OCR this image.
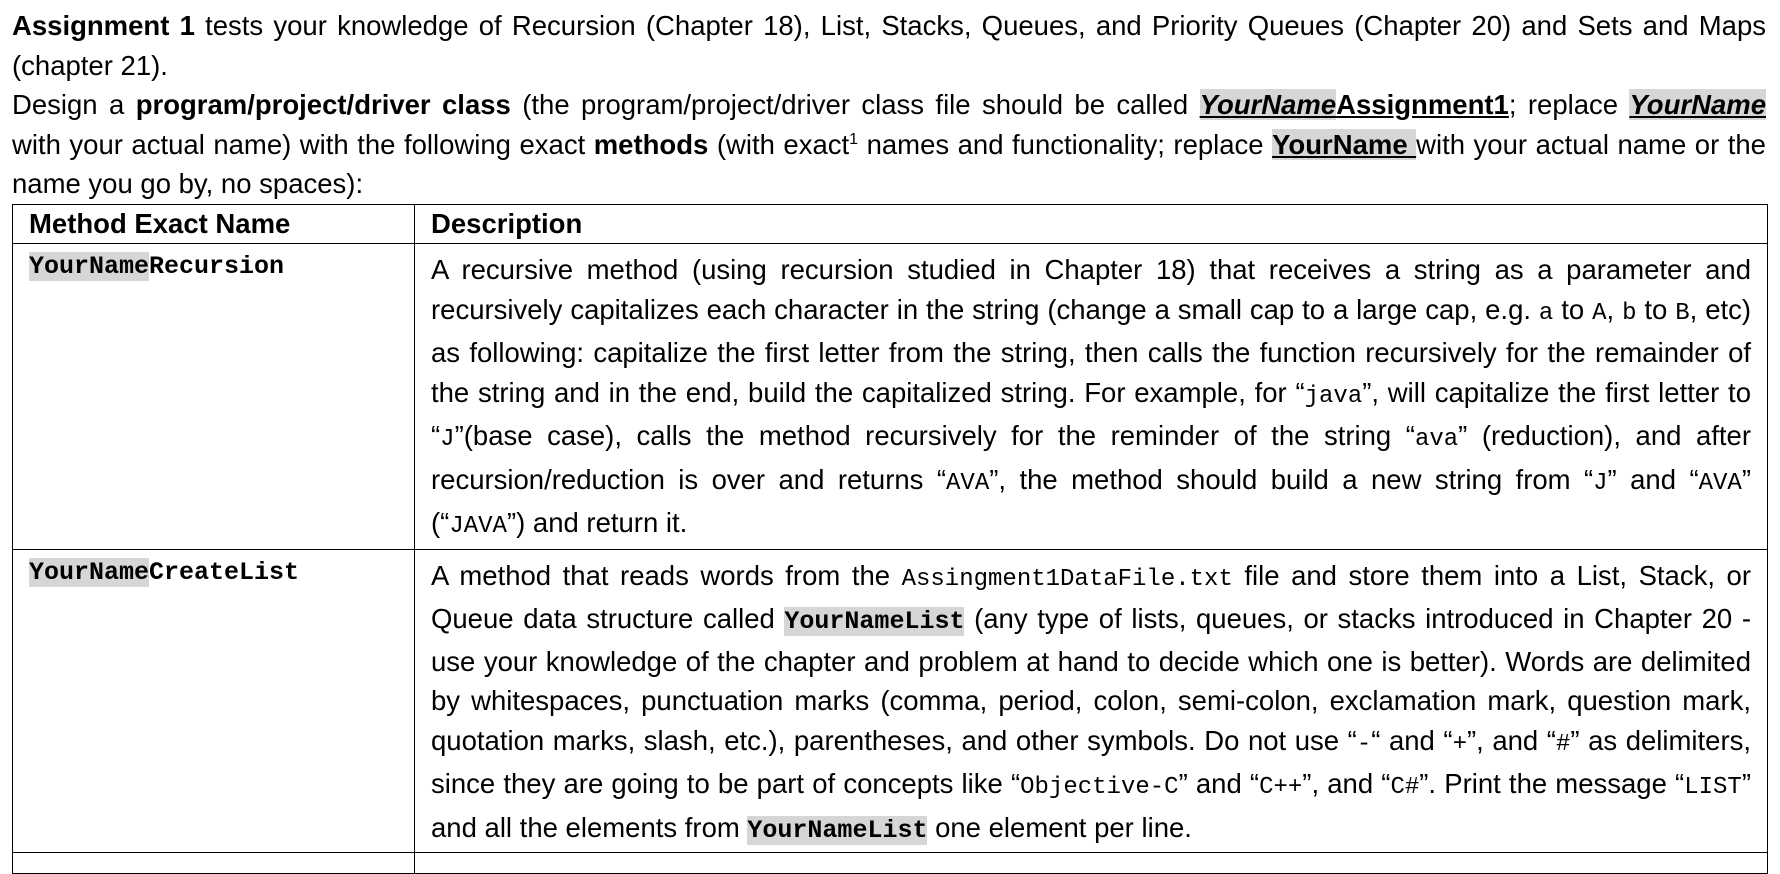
Assignment 1 tests your knowledge of Recursion (Chapter 18), List, Stacks, Queues, and Priority Queues (Chapter 20) and Sets and Maps (chapter 21).

Design a program/project/driver class (the program/project/driver class file should be called YourNameAssignment1; replace YourName with your actual name) with the following exact methods (with exact$^1$ names and functionality; replace YourName with your actual name or the name you go by, no spaces):

Method Exact Name	Description
YourNameRecursion	A recursive method (using recursion studied in Chapter 18) that receives a string as a parameter and recursively capitalizes each character in the string (change a small cap to a large cap, e.g. a to A, b to B, etc) as following: capitalize the first letter from the string, then calls the function recursively for the remainder of the string and in the end, build the capitalized string. For example, for “java”, will capitalize the first letter to “J”(base case), calls the method recursively for the reminder of the string “ava” (reduction), and after recursion/reduction is over and returns “AVA”, the method should build a new string from “J” and “AVA” (“JAVA”) and return it.
YourNameCreateList	A method that reads words from the Assingment1DataFile.txt file and store them into a List, Stack, or Queue data structure called YourNameList (any type of lists, queues, or stacks introduced in Chapter 20 - use your knowledge of the chapter and problem at hand to decide which one is better). Words are delimited by whitespaces, punctuation marks (comma, period, colon, semi-colon, exclamation mark, question mark, quotation marks, slash, etc.), parentheses, and other symbols. Do not use “-“ and “+”, and “#” as delimiters, since they are going to be part of concepts like “Objective-C” and “C++”, and “C#”. Print the message “LIST” and all the elements from YourNameList one element per line.
